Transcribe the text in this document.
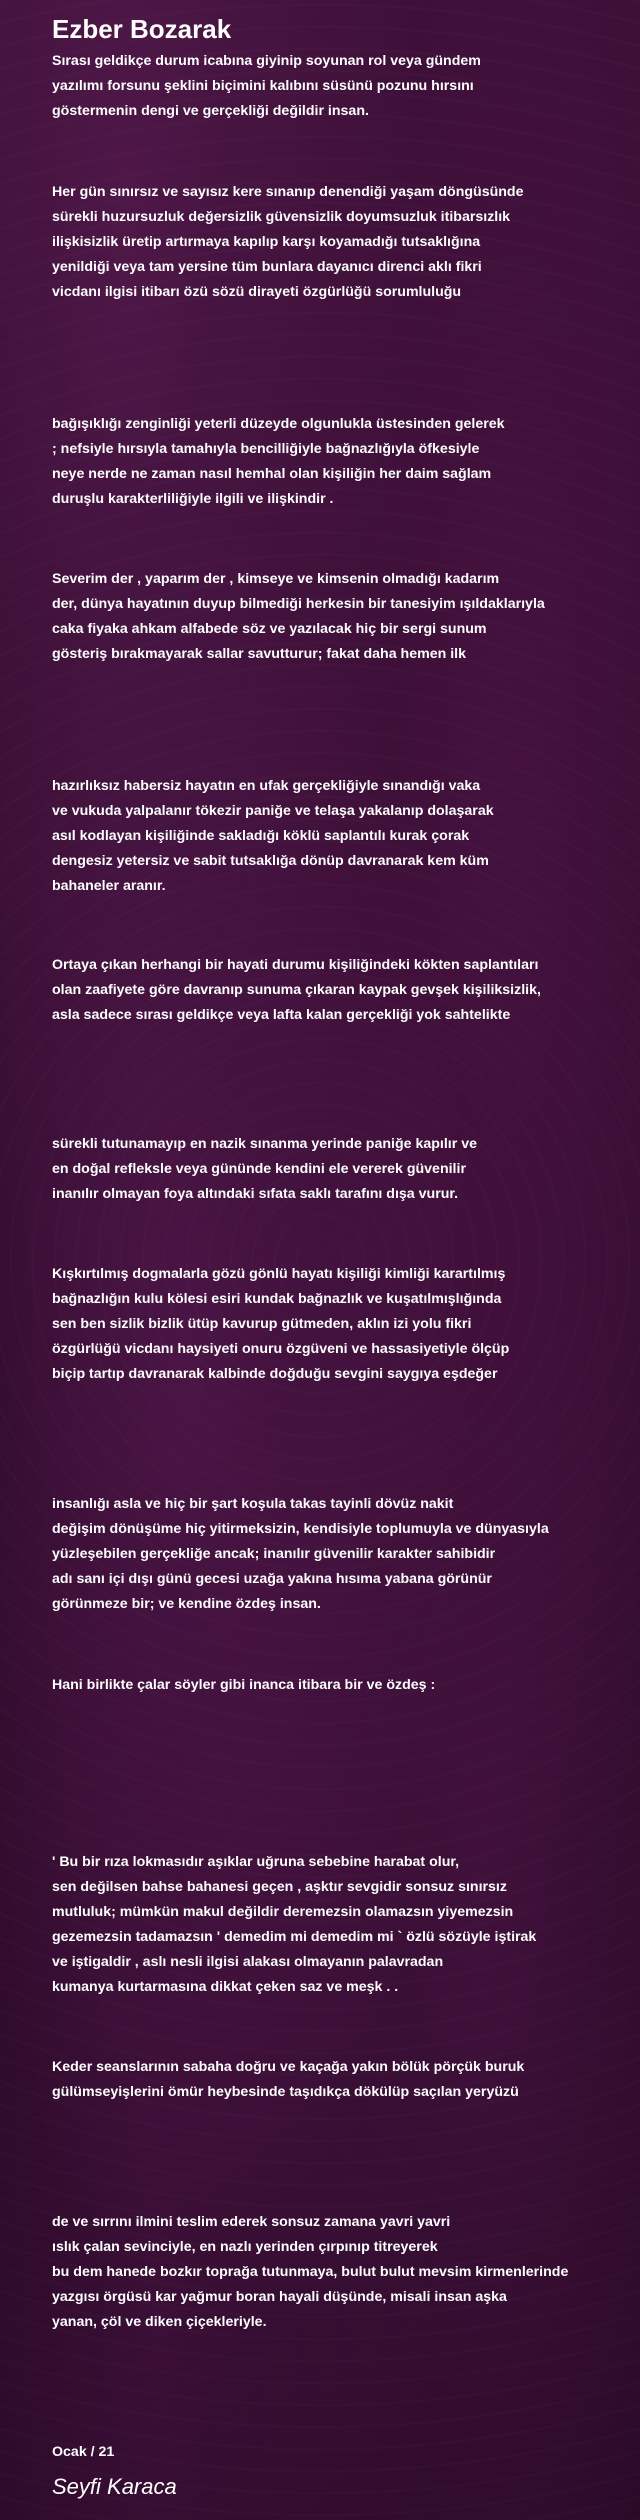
Ezber Bozarak
Sırası geldikçe durum icabına giyinip soyunan rol veya gündem
yazılımı forsunu şeklini biçimini kalıbını süsünü pozunu hırsını
göstermenin dengi ve gerçekliği değildir insan.
Her gün sınırsız ve sayısız kere sınanıp denendiği yaşam döngüsünde
sürekli huzursuzluk değersizlik güvensizlik doyumsuzluk itibarsızlık
ilişkisizlik üretip artırmaya kapılıp karşı koyamadığı tutsaklığına
yenildiği veya tam yersine tüm bunlara dayanıcı direnci aklı fikri
vicdanı ilgisi itibarı özü sözü dirayeti özgürlüğü sorumluluğu
bağışıklığı zenginliği yeterli düzeyde olgunlukla üstesinden gelerek
; nefsiyle hırsıyla tamahıyla bencilliğiyle bağnazlığıyla öfkesiyle
neye nerde ne zaman nasıl hemhal olan kişiliğin her daim sağlam
duruşlu karakterliliğiyle ilgili ve ilişkindir .
Severim der , yaparım der , kimseye ve kimsenin olmadığı kadarım
der, dünya hayatının duyup bilmediği herkesin bir tanesiyim ışıldaklarıyla
caka fiyaka ahkam alfabede söz ve yazılacak hiç bir sergi sunum
gösteriş bırakmayarak sallar savutturur; fakat daha hemen ilk
hazırlıksız habersiz hayatın en ufak gerçekliğiyle sınandığı vaka
ve vukuda yalpalanır tökezir paniğe ve telaşa yakalanıp dolaşarak
asıl kodlayan kişiliğinde sakladığı köklü saplantılı kurak çorak
dengesiz yetersiz ve sabit tutsaklığa dönüp davranarak kem küm
bahaneler aranır.
Ortaya çıkan herhangi bir hayati durumu kişiliğindeki kökten saplantıları
olan zaafiyete göre davranıp sunuma çıkaran kaypak gevşek kişiliksizlik,
asla sadece sırası geldikçe veya lafta kalan gerçekliği yok sahtelikte
sürekli tutunamayıp en nazik sınanma yerinde paniğe kapılır ve
en doğal refleksle veya gününde kendini ele vererek güvenilir
inanılır olmayan foya altındaki sıfata saklı tarafını dışa vurur.
Kışkırtılmış dogmalarla gözü gönlü hayatı kişiliği kimliği karartılmış
bağnazlığın kulu kölesi esiri kundak bağnazlık ve kuşatılmışlığında
sen ben sizlik bizlik ütüp kavurup gütmeden, aklın izi yolu fikri
özgürlüğü vicdanı haysiyeti onuru özgüveni ve hassasiyetiyle ölçüp
biçip tartıp davranarak kalbinde doğduğu sevgini saygıya eşdeğer
insanlığı asla ve hiç bir şart koşula takas tayinli dövüz nakit
değişim dönüşüme hiç yitirmeksizin, kendisiyle toplumuyla ve dünyasıyla
yüzleşebilen gerçekliğe ancak; inanılır güvenilir karakter sahibidir
adı sanı içi dışı günü gecesi uzağa yakına hısıma yabana görünür
görünmeze bir; ve kendine özdeş insan.
Hani birlikte çalar söyler gibi inanca itibara bir ve özdeş :
' Bu bir rıza lokmasıdır aşıklar uğruna sebebine harabat olur,
sen değilsen bahse bahanesi geçen , aşktır sevgidir sonsuz sınırsız
mutluluk; mümkün makul değildir deremezsin olamazsın yiyemezsin
gezemezsin tadamazsın ' demedim mi demedim mi ` özlü sözüyle iştirak
ve iştigaldir , aslı nesli ilgisi alakası olmayanın palavradan
kumanya kurtarmasına dikkat çeken saz ve meşk . .
Keder seanslarının sabaha doğru ve kaçağa yakın bölük pörçük buruk
gülümseyişlerini ömür heybesinde taşıdıkça dökülüp saçılan yeryüzü
de ve sırrını ilmini teslim ederek sonsuz zamana yavri yavri
ıslık çalan sevinciyle, en nazlı yerinden çırpınıp titreyerek
bu dem hanede bozkır toprağa tutunmaya, bulut bulut mevsim kirmenlerinde
yazgısı örgüsü kar yağmur boran hayali düşünde, misali insan aşka
yanan, çöl ve diken çiçekleriyle.
Ocak / 21
Seyfi Karaca
